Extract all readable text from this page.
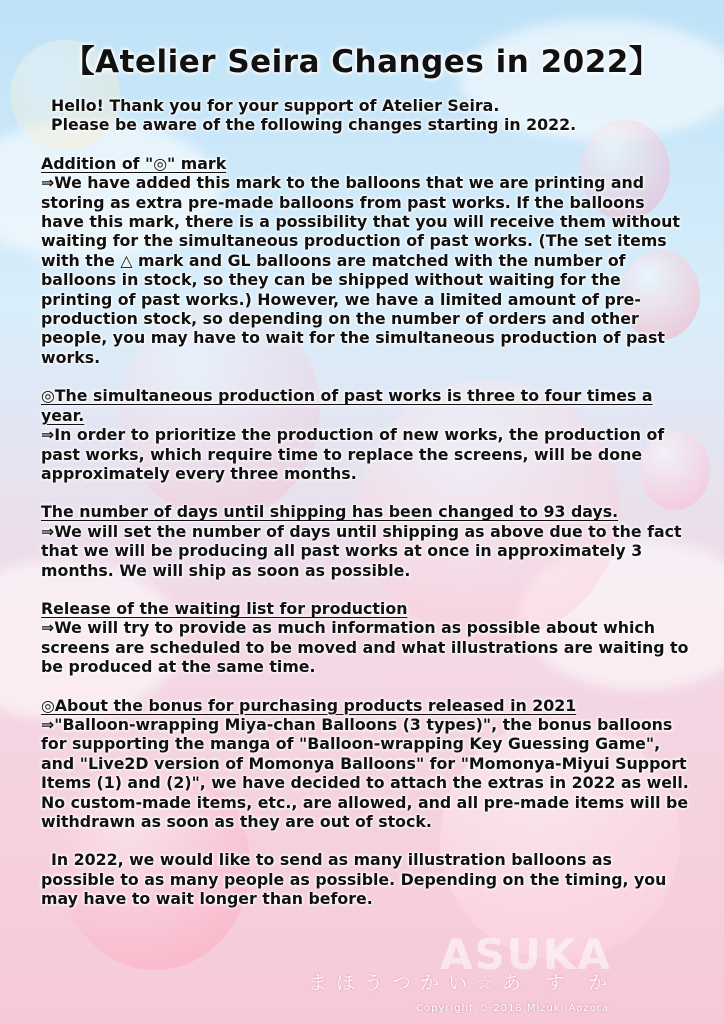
ASUKA
まほうつかい☆あ す か
Copyright © 2018 Mizuki Aozora
【Atelier Seira Changes in 2022】

Hello! Thank you for your support of Atelier Seira.

Please be aware of the following changes starting in 2022.

Addition of "◎" mark

⇒We have added this mark to the balloons that we are printing and storing as extra pre-made balloons from past works. If the balloons have this mark, there is a possibility that you will receive them without waiting for the simultaneous production of past works. (The set items with the △ mark and GL balloons are matched with the number of balloons in stock, so they can be shipped without waiting for the printing of past works.) However, we have a limited amount of pre-production stock, so depending on the number of orders and other people, you may have to wait for the simultaneous production of past works.

◎The simultaneous production of past works is three to four times a year.

⇒In order to prioritize the production of new works, the production of past works, which require time to replace the screens, will be done approximately every three months.

The number of days until shipping has been changed to 93 days.

⇒We will set the number of days until shipping as above due to the fact that we will be producing all past works at once in approximately 3 months. We will ship as soon as possible.

Release of the waiting list for production

⇒We will try to provide as much information as possible about which screens are scheduled to be moved and what illustrations are waiting to be produced at the same time.

◎About the bonus for purchasing products released in 2021

⇒"Balloon-wrapping Miya-chan Balloons (3 types)", the bonus balloons for supporting the manga of "Balloon-wrapping Key Guessing Game", and "Live2D version of Momonya Balloons" for "Momonya-Miyui Support Items (1) and (2)", we have decided to attach the extras in 2022 as well. No custom-made items, etc., are allowed, and all pre-made items will be withdrawn as soon as they are out of stock.

In 2022, we would like to send as many illustration balloons as possible to as many people as possible. Depending on the timing, you may have to wait longer than before.
